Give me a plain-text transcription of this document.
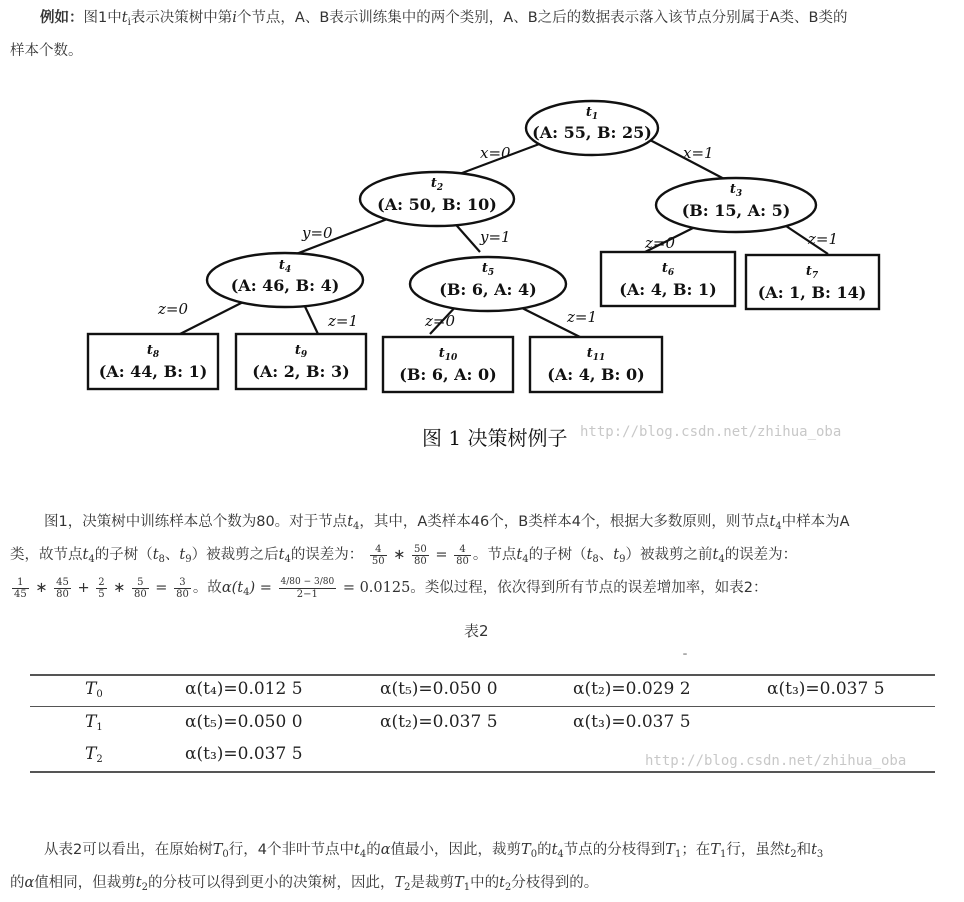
例如：图1中$t_i$表示决策树中第i个节点，A、B表示训练集中的两个类别，A、B之后的数据表示落入该节点分别属于A类、B类的
样本个数。
x=0	x=1
y=0	y=1	z=0	z=1
z=0
z=1	z=0	z=1
$t_1$
(A: 55, B: 25)
$t_2$
(A: 50, B: 10)
$t_3$
(B: 15, A: 5)
$t_4$
(A: 46, B: 4)
$t_5$
(B: 6, A: 4)
$t_6$
(A: 4, B: 1)
$t_7$
(A: 1, B: 14)
$t_8$
(A: 44, B: 1)
$t_9$
(A: 2, B: 3)
$t_{10}$
(B: 6, A: 0)
$t_{11}$
(A: 4, B: 0)
图 1 决策树例子 http://blog.csdn.net/zhihua_oba
图1，决策树中训练样本总个数为80。对于节点$t_4$，其中，A类样本46个，B类样本4个，根据大多数原则，则节点$t_4$中样本为A
类，故节点$t_4$的子树（$t_8$、$t_9$）被裁剪之后$t_4$的误差为： $\frac{4}{50}$ ∗ $\frac{50}{80} = \frac{4}{80}$ 。节点$t_4$的子树（$t_8$、$t_9$）被裁剪之前$t_4$的误差为：

$\frac{1}{45}$ ∗ $\frac{45}{80} + \frac{2}{5}$ ∗ $\frac{5}{80} = \frac{3}{80}$ 。故$\alpha(t_4) = \frac{4/80 - 3/80}{2-1} = 0.0125$。类似过程，依次得到所有节点的误差增加率，如表2：
表2
ˉ
$T_0$	α(t₄)=0.012 5	α(t₅)=0.050 0	α(t₂)=0.029 2	α(t₃)=0.037 5
$T_1$	α(t₅)=0.050 0	α(t₂)=0.037 5	α(t₃)=0.037 5
$T_2$	α(t₃)=0.037 5	http://blog.csdn.net/zhihua_oba
从表2可以看出，在原始树$T_0$行，4个非叶节点中$t_4$的α值最小，因此，裁剪$T_0$的$t_4$节点的分枝得到$T_1$；在$T_1$行，虽然$t_2$和$t_3$
的α值相同，但裁剪$t_2$的分枝可以得到更小的决策树，因此，$T_2$是裁剪$T_1$中的$t_2$分枝得到的。
